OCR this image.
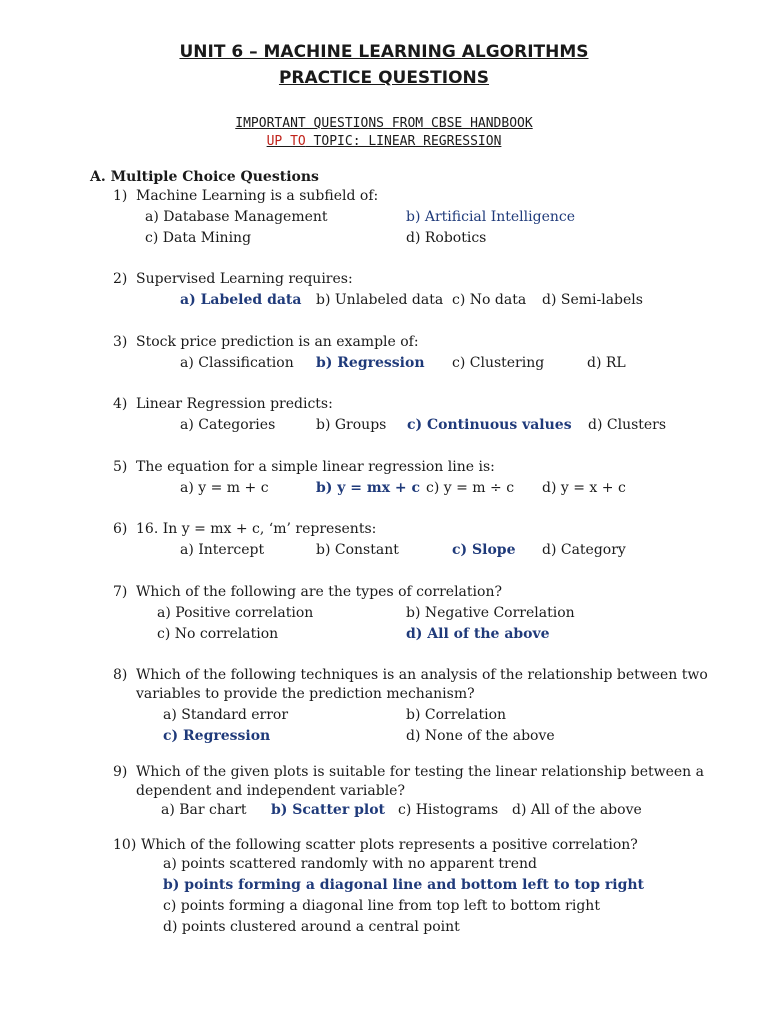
UNIT 6 – MACHINE LEARNING ALGORITHMS
PRACTICE QUESTIONS
IMPORTANT QUESTIONS FROM CBSE HANDBOOK
UP TO TOPIC: LINEAR REGRESSION
A. Multiple Choice Questions
1) Machine Learning is a subfield of:
a) Database Management	b) Artificial Intelligence
c) Data Mining	d) Robotics
2) Supervised Learning requires:
a) Labeled data b) Unlabeled data c) No data d) Semi-labels
3) Stock price prediction is an example of:
a) Classification b) Regression c) Clustering	d) RL
4) Linear Regression predicts:
a) Categories	b) Groups c) Continuous values d) Clusters
5) The equation for a simple linear regression line is:
a) y = m + c	b) y = mx + c c) y = m ÷ c d) y = x + c
6) 16. In y = mx + c, ‘m’ represents:
a) Intercept	b) Constant	c) Slope d) Category
7) Which of the following are the types of correlation?
a) Positive correlation	b) Negative Correlation
c) No correlation	d) All of the above
8) Which of the following techniques is an analysis of the relationship between two
variables to provide the prediction mechanism?
a) Standard error	b) Correlation
c) Regression	d) None of the above
9) Which of the given plots is suitable for testing the linear relationship between a
dependent and independent variable?
a) Bar chart b) Scatter plot c) Histograms d) All of the above
10) Which of the following scatter plots represents a positive correlation?
a) points scattered randomly with no apparent trend
b) points forming a diagonal line and bottom left to top right
c) points forming a diagonal line from top left to bottom right
d) points clustered around a central point
